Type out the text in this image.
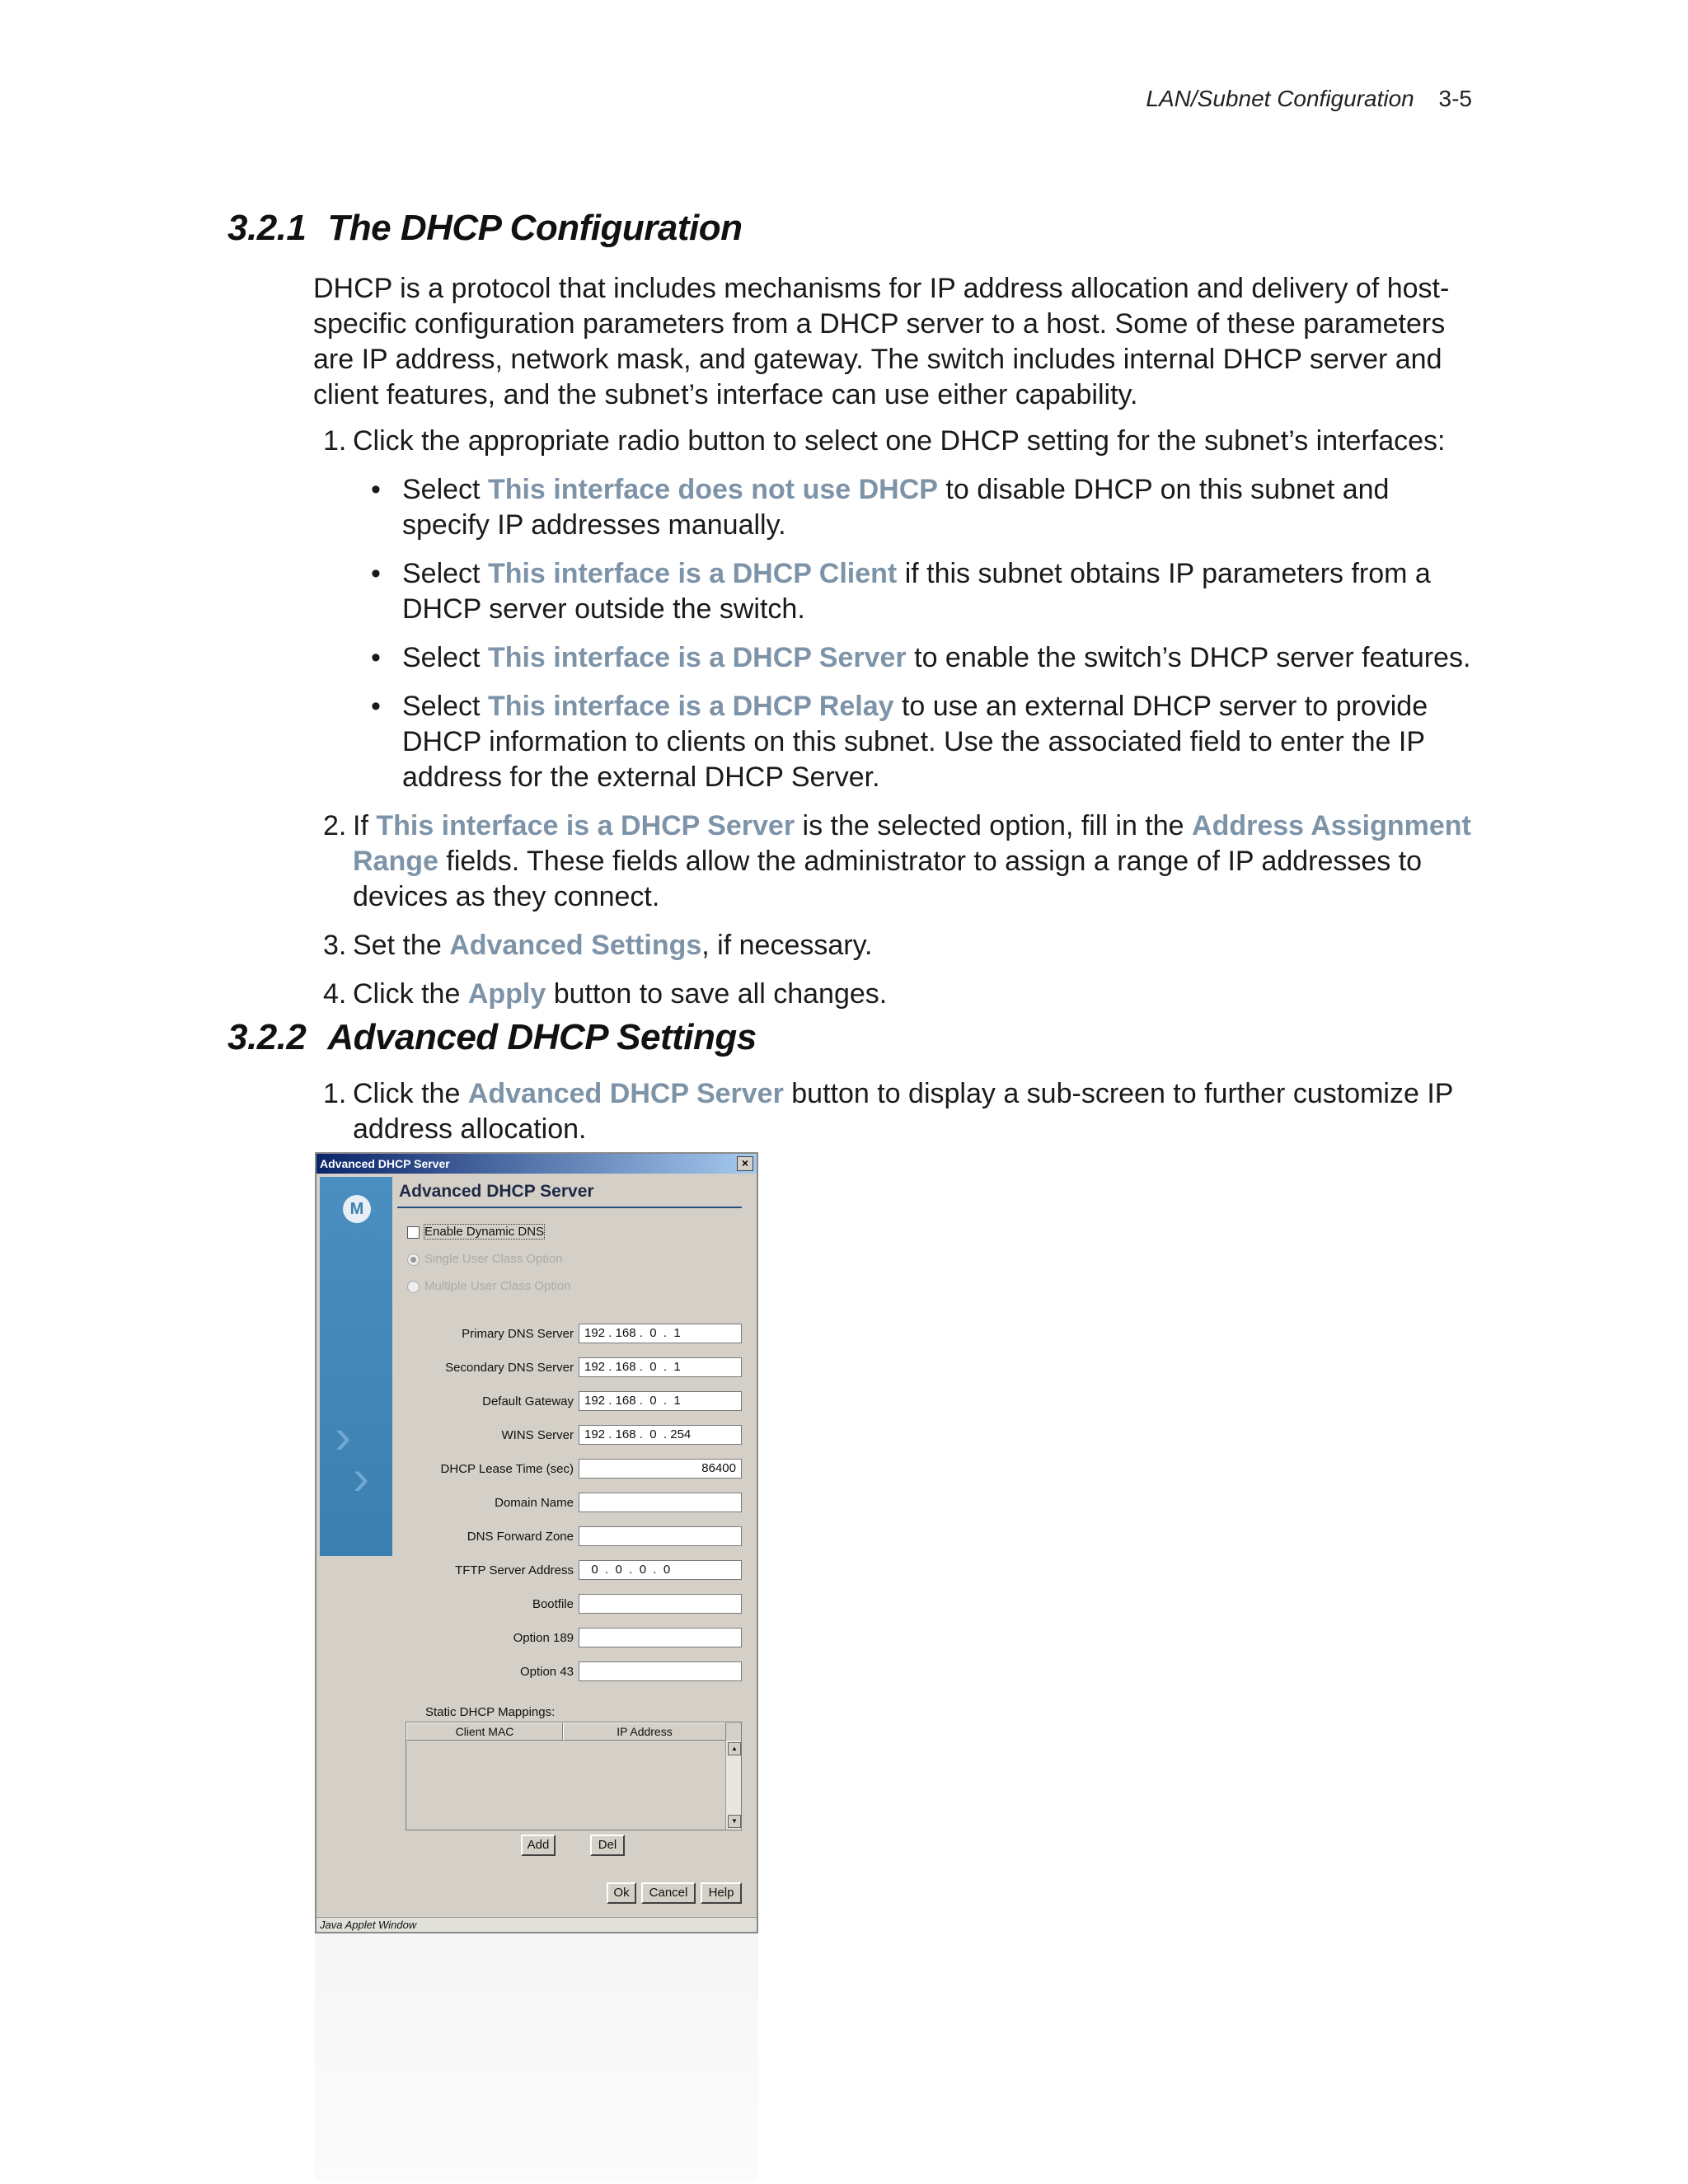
LAN/Subnet Configuration 3-5
3.2.1 The DHCP Configuration

DHCP is a protocol that includes mechanisms for IP address allocation and delivery of host-specific configuration parameters from a DHCP server to a host. Some of these parameters are IP address, network mask, and gateway. The switch includes internal DHCP server and client features, and the subnet’s interface can use either capability.

1. Click the appropriate radio button to select one DHCP setting for the subnet’s interfaces:
• Select This interface does not use DHCP to disable DHCP on this subnet and specify IP addresses manually.
• Select This interface is a DHCP Client if this subnet obtains IP parameters from a DHCP server outside the switch.
• Select This interface is a DHCP Server to enable the switch’s DHCP server features.
• Select This interface is a DHCP Relay to use an external DHCP server to provide DHCP information to clients on this subnet. Use the associated field to enter the IP address for the external DHCP Server.
2. If This interface is a DHCP Server is the selected option, fill in the Address Assignment Range fields. These fields allow the administrator to assign a range of IP addresses to devices as they connect.
3. Set the Advanced Settings, if necessary.
4. Click the Apply button to save all changes.
3.2.2 Advanced DHCP Settings
1. Click the Advanced DHCP Server button to display a sub-screen to further customize IP address allocation.
Advanced DHCP Server	×
M
›
›
Advanced DHCP Server
Enable Dynamic DNS
Single User Class Option
Multiple User Class Option
Primary DNS Server 192 . 168 .  0  .  1
Secondary DNS Server 192 . 168 .  0  .  1
Default Gateway 192 . 168 .  0  .  1
WINS Server 192 . 168 .  0  . 254
DHCP Lease Time (sec)	86400
Domain Name
DNS Forward Zone
TFTP Server Address 0  .  0  .  0  .  0
Bootfile
Option 189
Option 43
Static DHCP Mappings:
Client MAC	IP Address
▲
▼
Add	Del
Ok	Cancel	Help
Java Applet Window
